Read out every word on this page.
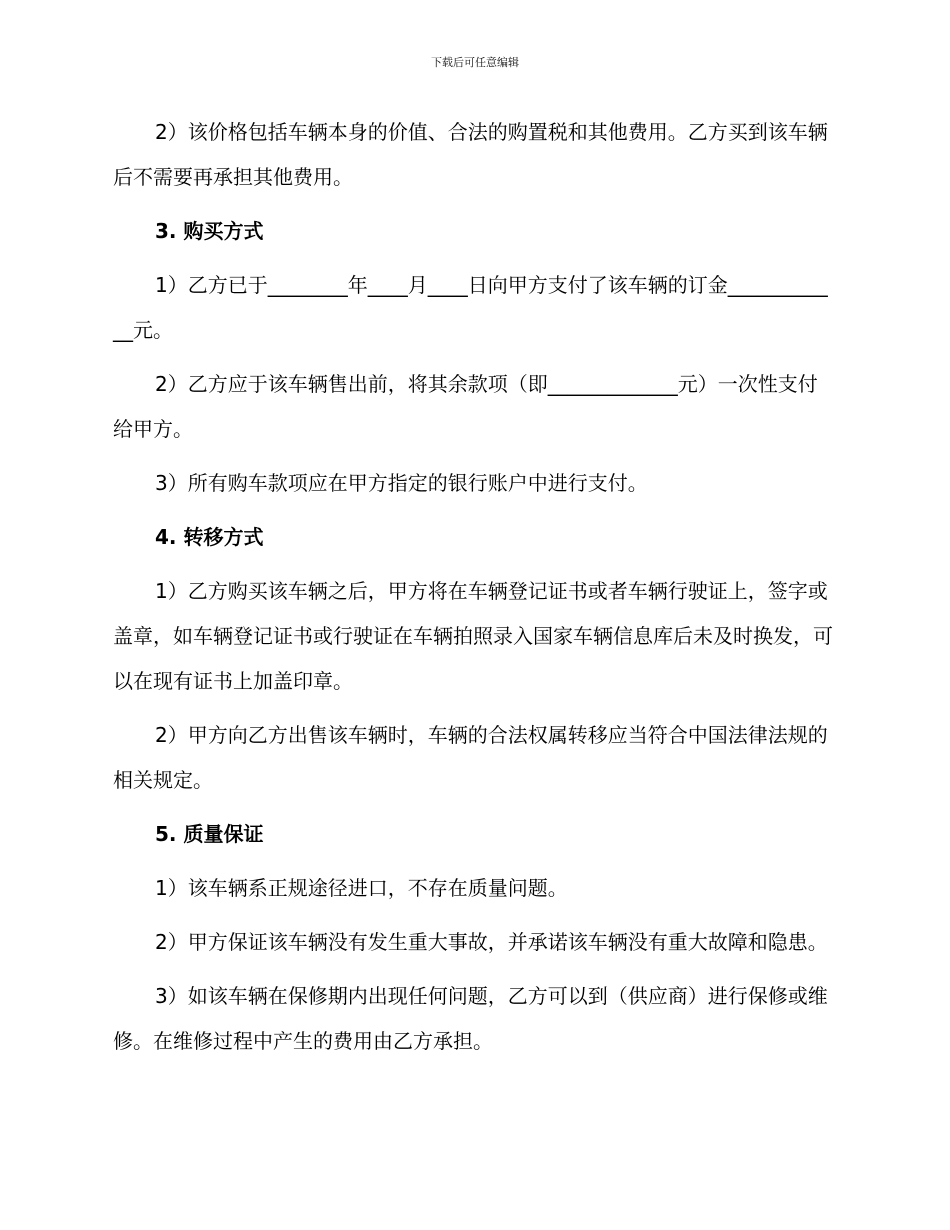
下载后可任意编辑

2）该价格包括车辆本身的价值、合法的购置税和其他费用。乙方买到该车辆后不需要再承担其他费用。

3. 购买方式

1）乙方已于________年____月____日向甲方支付了该车辆的订金____________元。

2）乙方应于该车辆售出前，将其余款项（即_____________元）一次性支付给甲方。

3）所有购车款项应在甲方指定的银行账户中进行支付。

4. 转移方式

1）乙方购买该车辆之后，甲方将在车辆登记证书或者车辆行驶证上，签字或盖章，如车辆登记证书或行驶证在车辆拍照录入国家车辆信息库后未及时换发，可以在现有证书上加盖印章。

2）甲方向乙方出售该车辆时，车辆的合法权属转移应当符合中国法律法规的相关规定。

5. 质量保证

1）该车辆系正规途径进口，不存在质量问题。

2）甲方保证该车辆没有发生重大事故，并承诺该车辆没有重大故障和隐患。

3）如该车辆在保修期内出现任何问题，乙方可以到（供应商）进行保修或维修。在维修过程中产生的费用由乙方承担。
